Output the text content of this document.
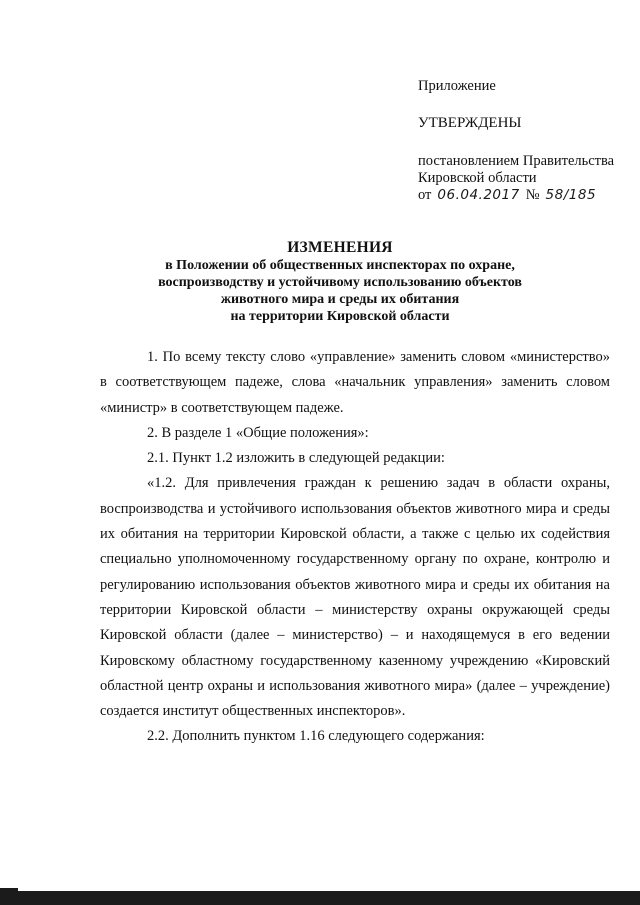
Приложение

УТВЕРЖДЕНЫ

постановлением Правительства

Кировской области

от 06.04.2017 № 58/185

ИЗМЕНЕНИЯ
в Положении об общественных инспекторах по охране,
воспроизводству и устойчивому использованию объектов
животного мира и среды их обитания
на территории Кировской области

1. По всему тексту слово «управление» заменить словом «министерство» в соответствующем падеже, слова «начальник управления» заменить словом «министр» в соответствующем падеже.

2. В разделе 1 «Общие положения»:

2.1. Пункт 1.2 изложить в следующей редакции:

«1.2. Для привлечения граждан к решению задач в области охраны, воспроизводства и устойчивого использования объектов животного мира и среды их обитания на территории Кировской области, а также с целью их содействия специально уполномоченному государственному органу по охране, контролю и регулированию использования объектов животного мира и среды их обитания на территории Кировской области – министерству охраны окружающей среды Кировской области (далее – министерство) – и находящемуся в его ведении Кировскому областному государственному казенному учреждению «Кировский областной центр охраны и использования животного мира» (далее – учреждение) создается институт общественных инспекторов».

2.2. Дополнить пунктом 1.16 следующего содержания:
